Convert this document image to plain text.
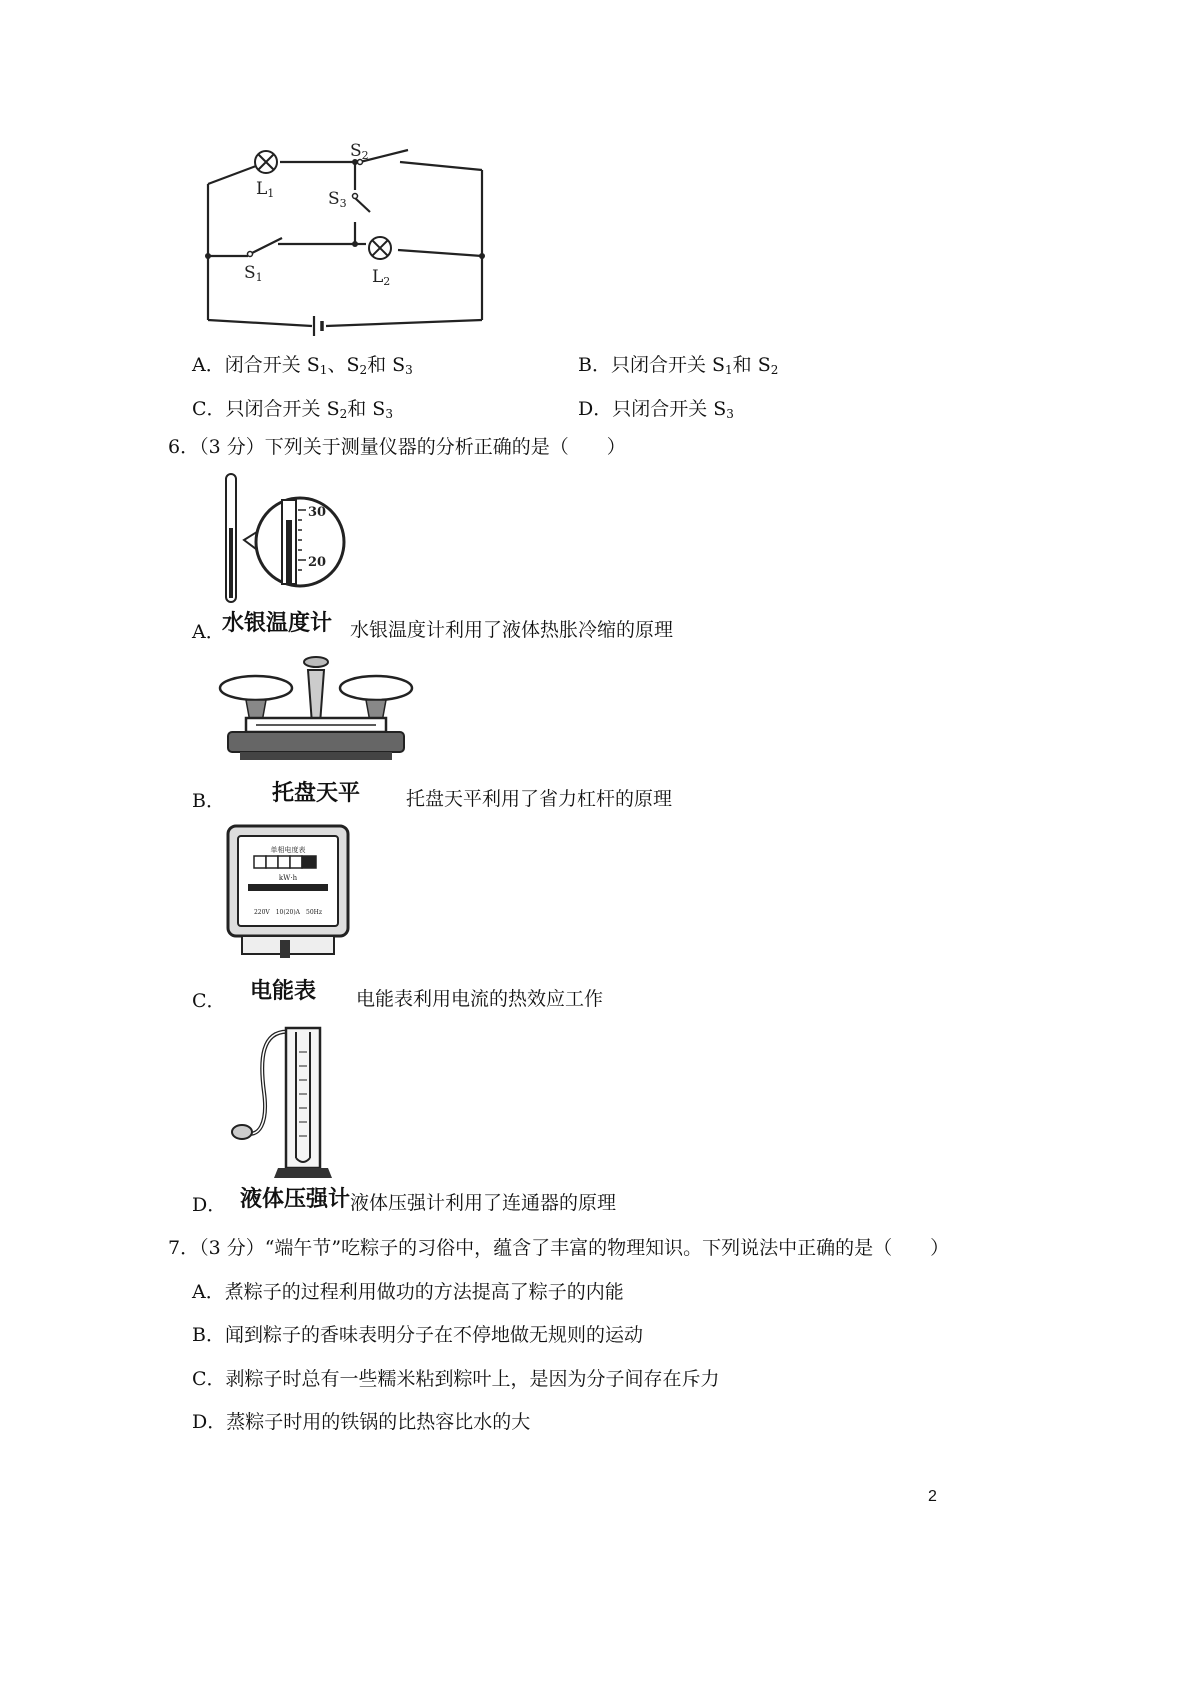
L1
S2
S3
S1	L2
A．闭合开关 $S_1$、$S_2$和 $S_3$	B．只闭合开关 $S_1$和 $S_2$
C．只闭合开关 $S_2$和 $S_3$	D．只闭合开关 $S_3$
6．（3 分）下列关于测量仪器的分析正确的是（　　）
30
20
水银温度计
A．	水银温度计利用了液体热胀冷缩的原理
托盘天平
B．	托盘天平利用了省力杠杆的原理
单相电度表
kW·h
220V　10(20)A　50Hz
电能表
C．	电能表利用电流的热效应工作
液体压强计
D．	液体压强计利用了连通器的原理
7．（3 分）“端午节”吃粽子的习俗中，蕴含了丰富的物理知识。下列说法中正确的是（　　）
A．煮粽子的过程利用做功的方法提高了粽子的内能
B．闻到粽子的香味表明分子在不停地做无规则的运动
C．剥粽子时总有一些糯米粘到粽叶上，是因为分子间存在斥力
D．蒸粽子时用的铁锅的比热容比水的大
2
